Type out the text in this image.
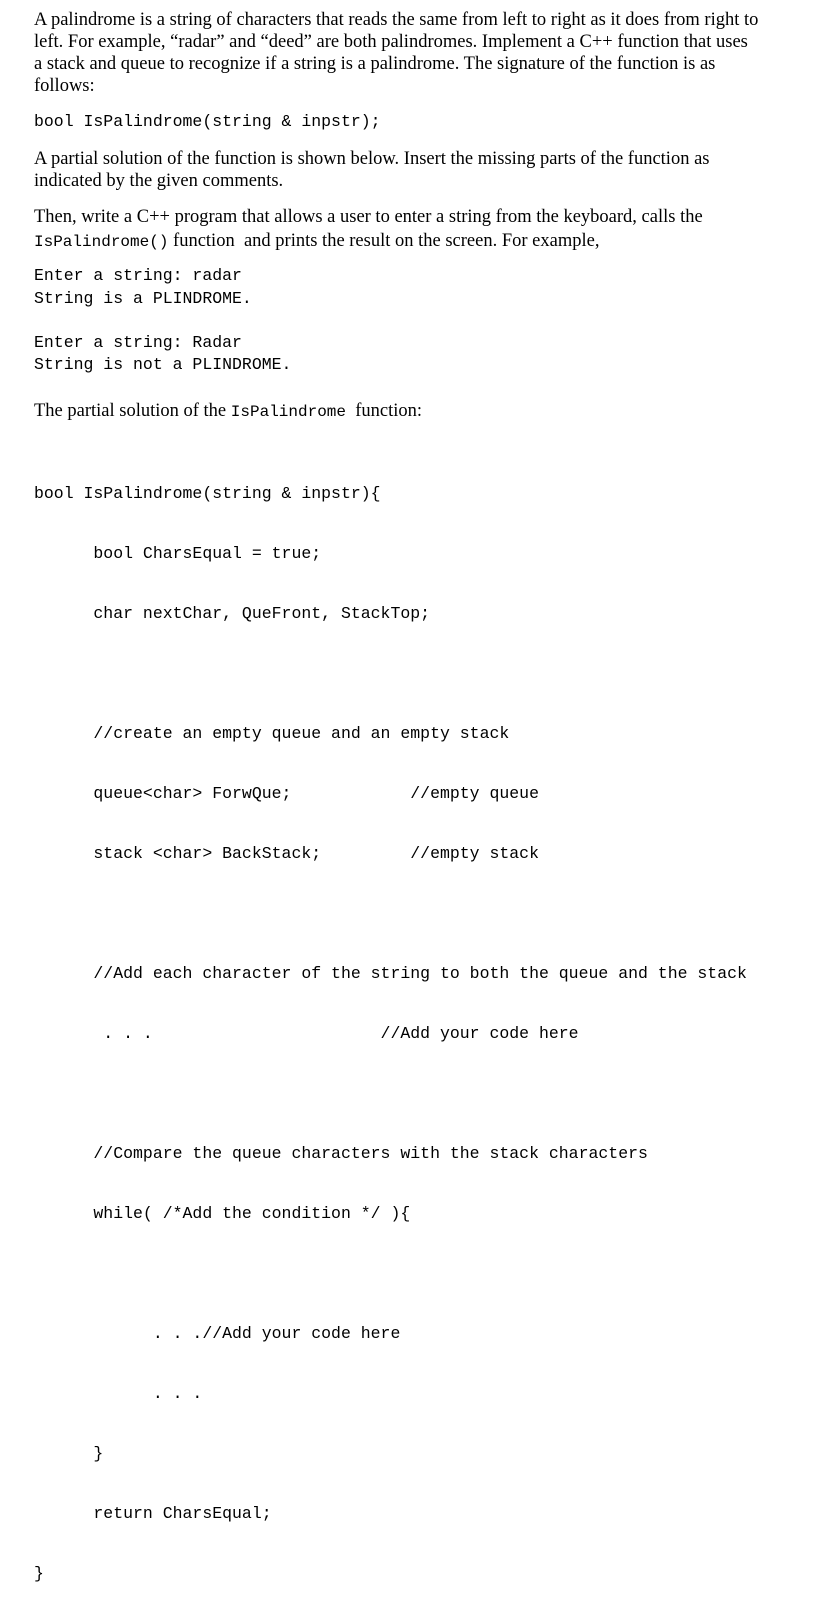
A palindrome is a string of characters that reads the same from left to right as it does from right to
left. For example, “radar” and “deed” are both palindromes. Implement a C++ function that uses
a stack and queue to recognize if a string is a palindrome. The signature of the function is as
follows:
bool IsPalindrome(string & inpstr);
A partial solution of the function is shown below. Insert the missing parts of the function as
indicated by the given comments.
Then, write a C++ program that allows a user to enter a string from the keyboard, calls the
IsPalindrome() function  and prints the result on the screen. For example,
Enter a string: radar
String is a PLINDROME.
Enter a string: Radar
String is not a PLINDROME.
The partial solution of the IsPalindrome  function:

bool IsPalindrome(string & inpstr){

bool CharsEqual = true;

char nextChar, QueFront, StackTop;

//create an empty queue and an empty stack

queue<char> ForwQue;            //empty queue

stack <char> BackStack;         //empty stack

//Add each character of the string to both the queue and the stack

. . .                       //Add your code here

//Compare the queue characters with the stack characters

while( /*Add the condition */ ){

. . .//Add your code here

. . .

}

return CharsEqual;

}
